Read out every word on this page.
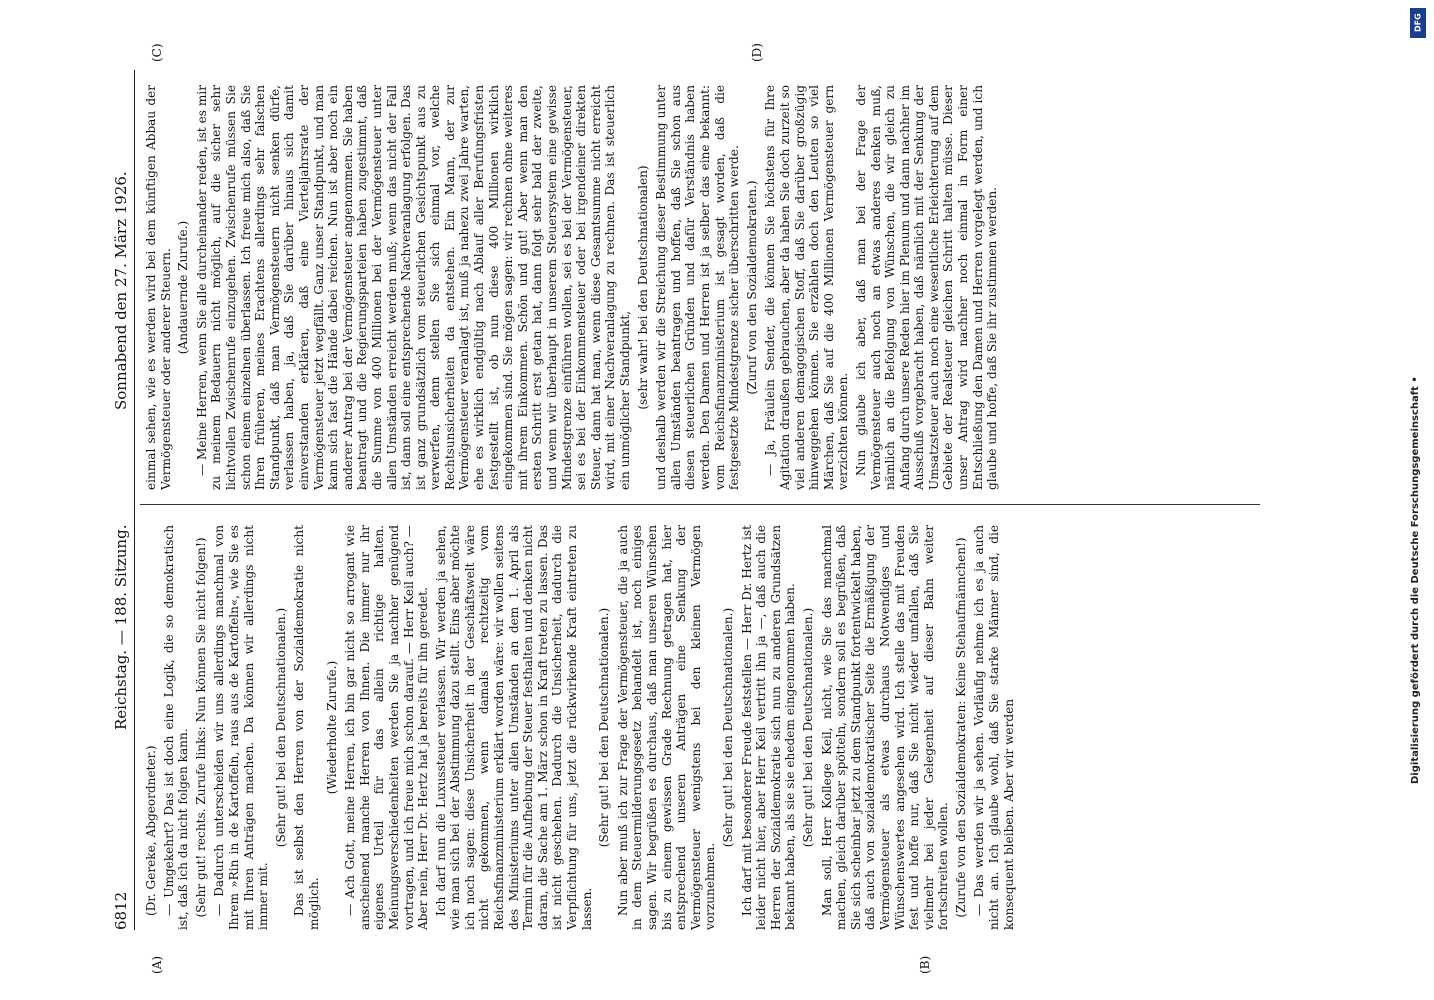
6812
Reichstag. — 188. Sitzung.
Sonnabend den 27. März 1926.
(A)	(B)
(C)	(D)

(Dr. Gereke, Abgeordneter.) — Umgekehrt? Das ist doch eine Logik, die so demokratisch ist, daß ich da nicht folgen kann. (Sehr gut! rechts. Zurufe links: Nun können Sie nicht folgen!) — Dadurch unterscheiden wir uns allerdings manchmal von Ihrem »Rin in de Kartoffeln, raus aus de Kartoffeln«, wie Sie es mit Ihren Anträgen machen. Da können wir allerdings nicht immer mit.

(Sehr gut! bei den Deutschnationalen.) Das ist selbst den Herren von der Sozialdemokratie nicht möglich.

(Wiederholte Zurufe.) — Ach Gott, meine Herren, ich bin gar nicht so arrogant wie anscheinend manche Herren von Ihnen. Die immer nur ihr eigenes Urteil für das allein richtige halten. Meinungsverschiedenheiten werden Sie ja nachher genügend vortragen, und ich freue mich schon darauf. — Herr Keil auch? — Aber nein, Herr Dr. Hertz hat ja bereits für ihn geredet. Ich darf nun die Luxussteuer verlassen. Wir werden ja sehen, wie man sich bei der Abstimmung dazu stellt. Eins aber möchte ich noch sagen: diese Unsicherheit in der Geschäftswelt wäre nicht gekommen, wenn damals rechtzeitig vom Reichsfinanzministerium erklärt worden wäre: wir wollen seitens des Ministeriums unter allen Umständen an dem 1. April als Termin für die Aufhebung der Steuer festhalten und denken nicht daran, die Sache am 1. März schon in Kraft treten zu lassen. Das ist nicht geschehen. Dadurch die Unsicherheit, dadurch die Verpflichtung für uns, jetzt die rückwirkende Kraft eintreten zu lassen.

(Sehr gut! bei den Deutschnationalen.) Nun aber muß ich zur Frage der Vermögensteuer, die ja auch in dem Steuermilderungsgesetz behandelt ist, noch einiges sagen. Wir begrüßen es durchaus, daß man unseren Wünschen bis zu einem gewissen Grade Rechnung getragen hat, hier entsprechend unseren Anträgen eine Senkung der Vermögensteuer wenigstens bei den kleinen Vermögen vorzunehmen.

(Sehr gut! bei den Deutschnationalen.) Ich darf mit besonderer Freude feststellen — Herr Dr. Hertz ist leider nicht hier, aber Herr Keil vertritt ihn ja —, daß auch die Herren der Sozialdemokratie sich nun zu anderen Grundsätzen bekannt haben, als sie sie ehedem eingenommen haben. (Sehr gut! bei den Deutschnationalen.) Man soll, Herr Kollege Keil, nicht, wie Sie das manchmal machen, gleich darüber spötteln, sondern soll es begrüßen, daß Sie sich scheinbar jetzt zu dem Standpunkt fortentwickelt haben, daß auch von sozialdemokratischer Seite die Ermäßigung der Vermögensteuer als etwas durchaus Notwendiges und Wünschenswertes angesehen wird. Ich stelle das mit Freuden fest und hoffe nur, daß Sie nicht wieder umfallen, daß Sie vielmehr bei jeder Gelegenheit auf dieser Bahn weiter fortschreiten wollen. (Zurufe von den Sozialdemokraten: Keine Stehaufmännchen!) — Das werden wir ja sehen. Vorläufig nehme ich es ja auch nicht an. Ich glaube wohl, daß Sie starke Männer sind, die konsequent bleiben. Aber wir werden

einmal sehen, wie es werden wird bei dem künftigen Abbau der Vermögensteuer oder anderer Steuern. (Andauernde Zurufe.) — Meine Herren, wenn Sie alle durcheinander reden, ist es mir zu meinem Bedauern nicht möglich, auf die sicher sehr lichtvollen Zwischenrufe einzugehen. Zwischenrufe müssen Sie schon einem einzelnen überlassen. Ich freue mich also, daß Sie Ihren früheren, meines Erachtens allerdings sehr falschen Standpunkt, daß man Vermögensteuern nicht senken dürfe, verlassen haben, ja, daß Sie darüber hinaus sich damit einverstanden erklären, daß eine Vierteljahrsrate der Vermögensteuer jetzt wegfällt. Ganz unser Standpunkt, und man kann sich fast die Hände dabei reichen. Nun ist aber noch ein anderer Antrag bei der Vermögensteuer angenommen. Sie haben beantragt und die Regierungsparteien haben zugestimmt, daß die Summe von 400 Millionen bei der Vermögensteuer unter allen Umständen erreicht werden muß; wenn das nicht der Fall ist, dann soll eine entsprechende Nachveranlagung erfolgen. Das ist ganz grundsätzlich vom steuerlichen Gesichtspunkt aus zu verwerfen, denn stellen Sie sich einmal vor, welche Rechtsunsicherheiten da entstehen. Ein Mann, der zur Vermögensteuer veranlagt ist, muß ja nahezu zwei Jahre warten, ehe es wirklich endgültig nach Ablauf aller Berufungsfristen festgestellt ist, ob nun diese 400 Millionen wirklich eingekommen sind. Sie mögen sagen: wir rechnen ohne weiteres mit ihrem Einkommen. Schön und gut! Aber wenn man den ersten Schritt erst getan hat, dann folgt sehr bald der zweite, und wenn wir überhaupt in unserem Steuersystem eine gewisse Mindestgrenze einführen wollen, sei es bei der Vermögensteuer, sei es bei der Einkommensteuer oder bei irgendeiner direkten Steuer, dann hat man, wenn diese Gesamtsumme nicht erreicht wird, mit einer Nachveranlagung zu rechnen. Das ist steuerlich ein unmöglicher Standpunkt, (sehr wahr! bei den Deutschnationalen) und deshalb werden wir die Streichung dieser Bestimmung unter allen Umständen beantragen und hoffen, daß Sie schon aus diesen steuerlichen Gründen und dafür Verständnis haben werden. Den Damen und Herren ist ja selber das eine bekannt: vom Reichsfinanzministerium ist gesagt worden, daß die festgesetzte Mindestgrenze sicher überschritten werde. (Zuruf von den Sozialdemokraten.) — Ja, Fräulein Sender, die können Sie höchstens für Ihre Agitation draußen gebrauchen, aber da haben Sie doch zurzeit so viel anderen demagogischen Stoff, daß Sie darüber großzügig hinweggehen können. Sie erzählen doch den Leuten so viel Märchen, daß Sie auf die 400 Millionen Vermögensteuer gern verzichten können. Nun glaube ich aber, daß man bei der Frage der Vermögensteuer auch noch an etwas anderes denken muß, nämlich an die Befolgung von Wünschen, die wir gleich zu Anfang durch unsere Reden hier im Plenum und dann nachher im Ausschuß vorgebracht haben, daß nämlich mit der Senkung der Umsatzsteuer auch noch eine wesentliche Erleichterung auf dem Gebiete der Realsteuer gleichen Schritt halten müsse. Dieser unser Antrag wird nachher noch einmal in Form einer Entschließung den Damen und Herren vorgelegt werden, und ich glaube und hoffe, daß Sie ihr zustimmen werden.

DFG
Digitalisierung gefördert durch die Deutsche Forschungsgemeinschaft •
